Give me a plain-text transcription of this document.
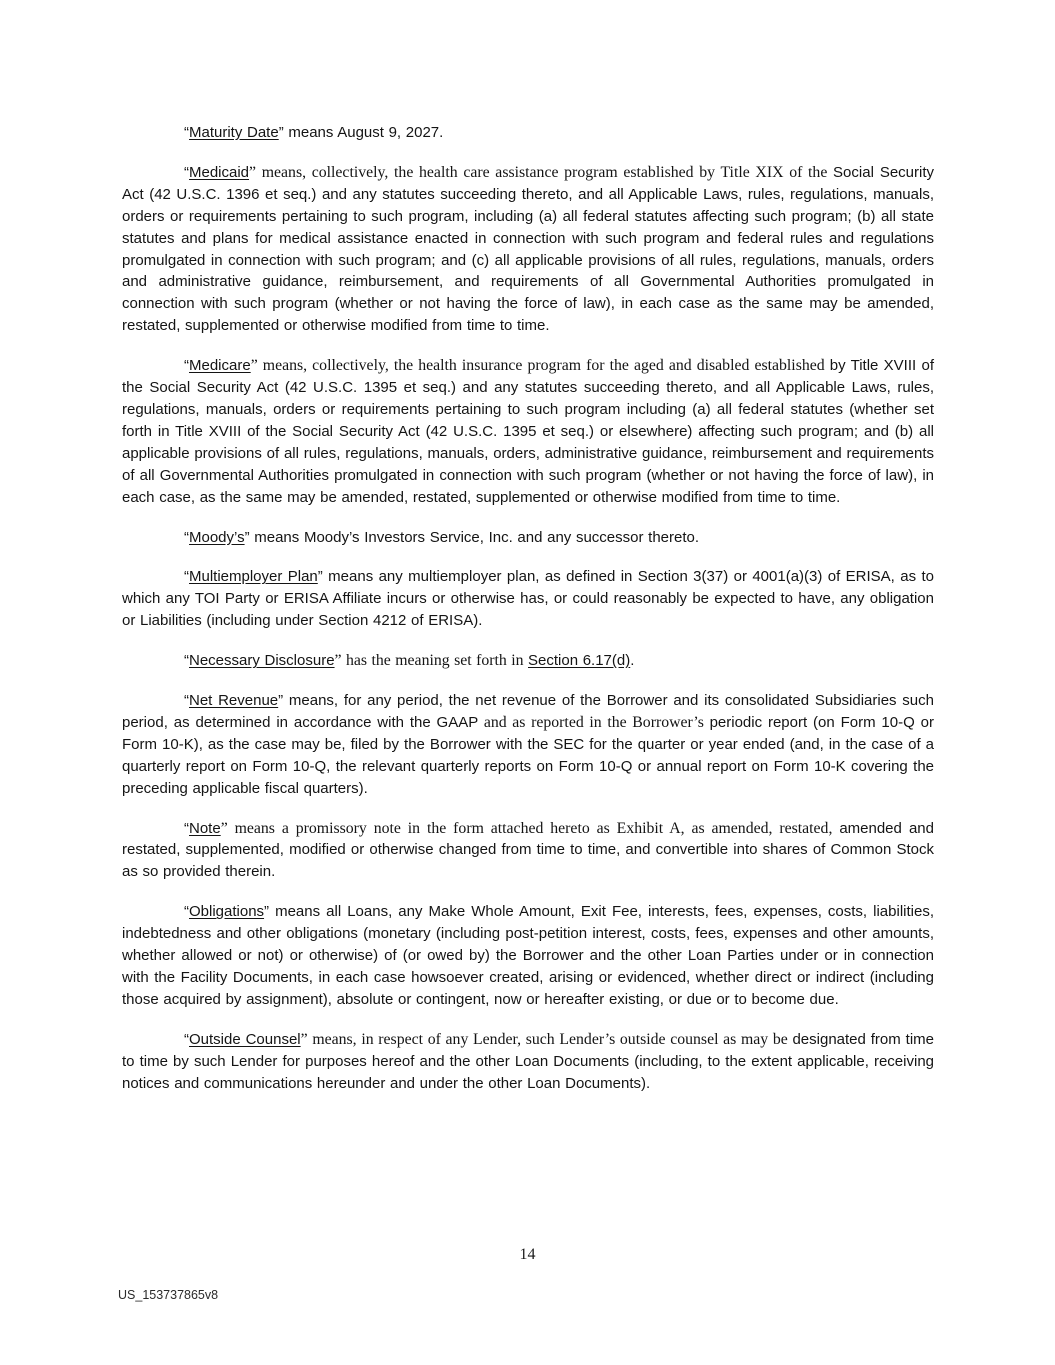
“Maturity Date” means August 9, 2027.

“Medicaid” means, collectively, the health care assistance program established by Title XIX of the Social Security Act (42 U.S.C. 1396 et seq.) and any statutes succeeding thereto, and all Applicable Laws, rules, regulations, manuals, orders or requirements pertaining to such program, including (a) all federal statutes affecting such program; (b) all state statutes and plans for medical assistance enacted in connection with such program and federal rules and regulations promulgated in connection with such program; and (c) all applicable provisions of all rules, regulations, manuals, orders and administrative guidance, reimbursement, and requirements of all Governmental Authorities promulgated in connection with such program (whether or not having the force of law), in each case as the same may be amended, restated, supplemented or otherwise modified from time to time.

“Medicare” means, collectively, the health insurance program for the aged and disabled established by Title XVIII of the Social Security Act (42 U.S.C. 1395 et seq.) and any statutes succeeding thereto, and all Applicable Laws, rules, regulations, manuals, orders or requirements pertaining to such program including (a) all federal statutes (whether set forth in Title XVIII of the Social Security Act (42 U.S.C. 1395 et seq.) or elsewhere) affecting such program; and (b) all applicable provisions of all rules, regulations, manuals, orders, administrative guidance, reimbursement and requirements of all Governmental Authorities promulgated in connection with such program (whether or not having the force of law), in each case, as the same may be amended, restated, supplemented or otherwise modified from time to time.

“Moody’s” means Moody’s Investors Service, Inc. and any successor thereto.

“Multiemployer Plan” means any multiemployer plan, as defined in Section 3(37) or 4001(a)(3) of ERISA, as to which any TOI Party or ERISA Affiliate incurs or otherwise has, or could reasonably be expected to have, any obligation or Liabilities (including under Section 4212 of ERISA).

“Necessary Disclosure” has the meaning set forth in Section 6.17(d).

“Net Revenue” means, for any period, the net revenue of the Borrower and its consolidated Subsidiaries such period, as determined in accordance with the GAAP and as reported in the Borrower’s periodic report (on Form 10-Q or Form 10-K), as the case may be, filed by the Borrower with the SEC for the quarter or year ended (and, in the case of a quarterly report on Form 10-Q, the relevant quarterly reports on Form 10-Q or annual report on Form 10-K covering the preceding applicable fiscal quarters).

“Note” means a promissory note in the form attached hereto as Exhibit A, as amended, restated, amended and restated, supplemented, modified or otherwise changed from time to time, and convertible into shares of Common Stock as so provided therein.

“Obligations” means all Loans, any Make Whole Amount, Exit Fee, interests, fees, expenses, costs, liabilities, indebtedness and other obligations (monetary (including post-petition interest, costs, fees, expenses and other amounts, whether allowed or not) or otherwise) of (or owed by) the Borrower and the other Loan Parties under or in connection with the Facility Documents, in each case howsoever created, arising or evidenced, whether direct or indirect (including those acquired by assignment), absolute or contingent, now or hereafter existing, or due or to become due.

“Outside Counsel” means, in respect of any Lender, such Lender’s outside counsel as may be designated from time to time by such Lender for purposes hereof and the other Loan Documents (including, to the extent applicable, receiving notices and communications hereunder and under the other Loan Documents).

14
US_153737865v8
